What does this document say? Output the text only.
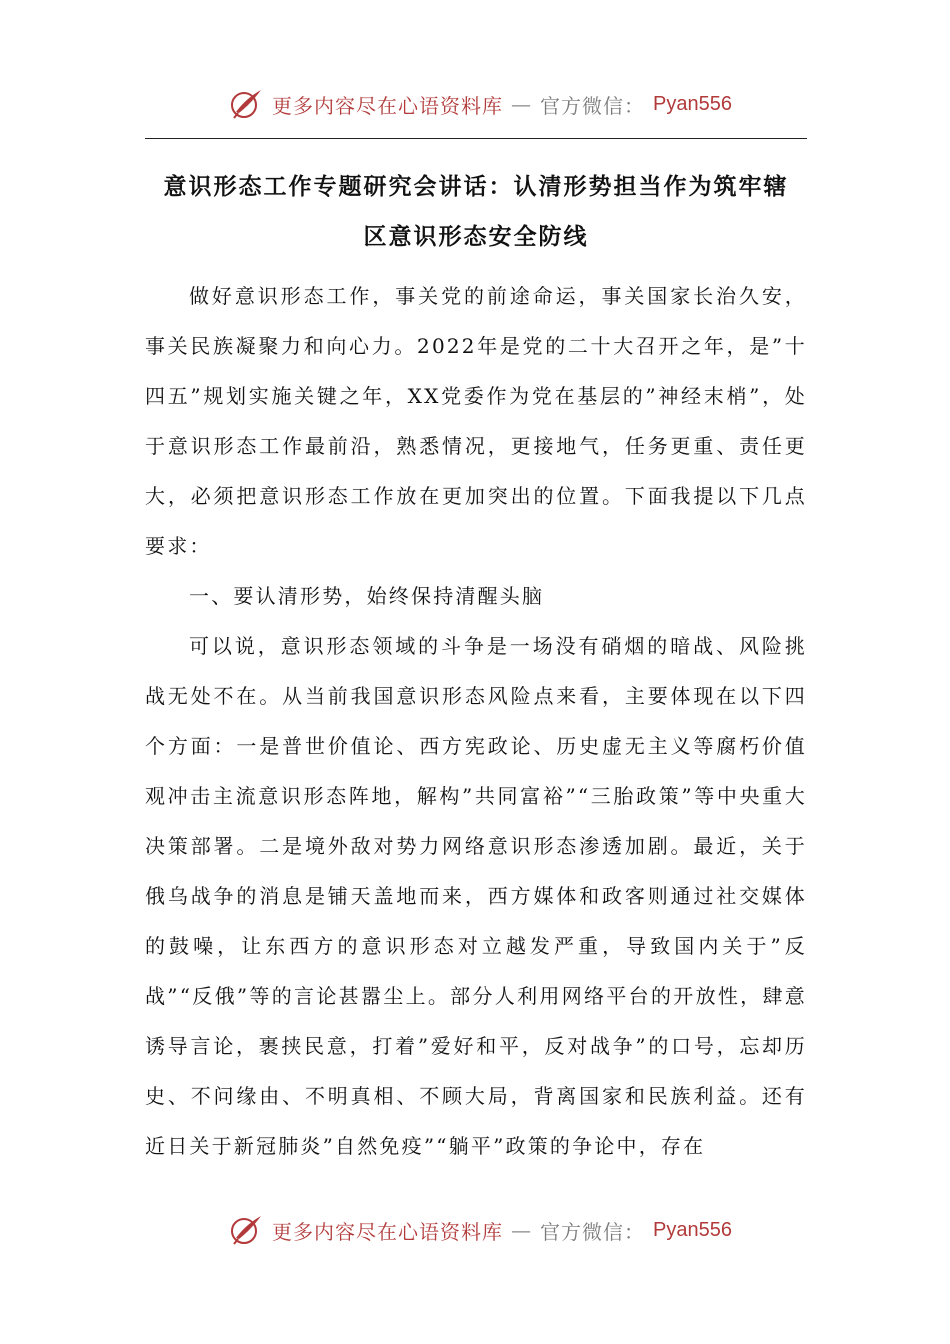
更多内容尽在心语资料库 — 官方微信： Pyan556
意识形态工作专题研究会讲话：认清形势担当作为筑牢辖
区意识形态安全防线

做好意识形态工作，事关党的前途命运，事关国家长治久安，事关民族凝聚力和向心力。2022年是党的二十大召开之年，是”十四五”规划实施关键之年，XX党委作为党在基层的”神经末梢”，处于意识形态工作最前沿，熟悉情况，更接地气，任务更重、责任更大，必须把意识形态工作放在更加突出的位置。下面我提以下几点要求：

一、要认清形势，始终保持清醒头脑

可以说，意识形态领域的斗争是一场没有硝烟的暗战、风险挑战无处不在。从当前我国意识形态风险点来看，主要体现在以下四个方面：一是普世价值论、西方宪政论、历史虚无主义等腐朽价值观冲击主流意识形态阵地，解构”共同富裕”“三胎政策”等中央重大决策部署。二是境外敌对势力网络意识形态渗透加剧。最近，关于俄乌战争的消息是铺天盖地而来，西方媒体和政客则通过社交媒体的鼓噪，让东西方的意识形态对立越发严重，导致国内关于”反战”“反俄”等的言论甚嚣尘上。部分人利用网络平台的开放性，肆意诱导言论，裹挟民意，打着”爱好和平，反对战争”的口号，忘却历史、不问缘由、不明真相、不顾大局，背离国家和民族利益。还有近日关于新冠肺炎”自然免疫”“躺平”政策的争论中，存在

更多内容尽在心语资料库 — 官方微信： Pyan556
